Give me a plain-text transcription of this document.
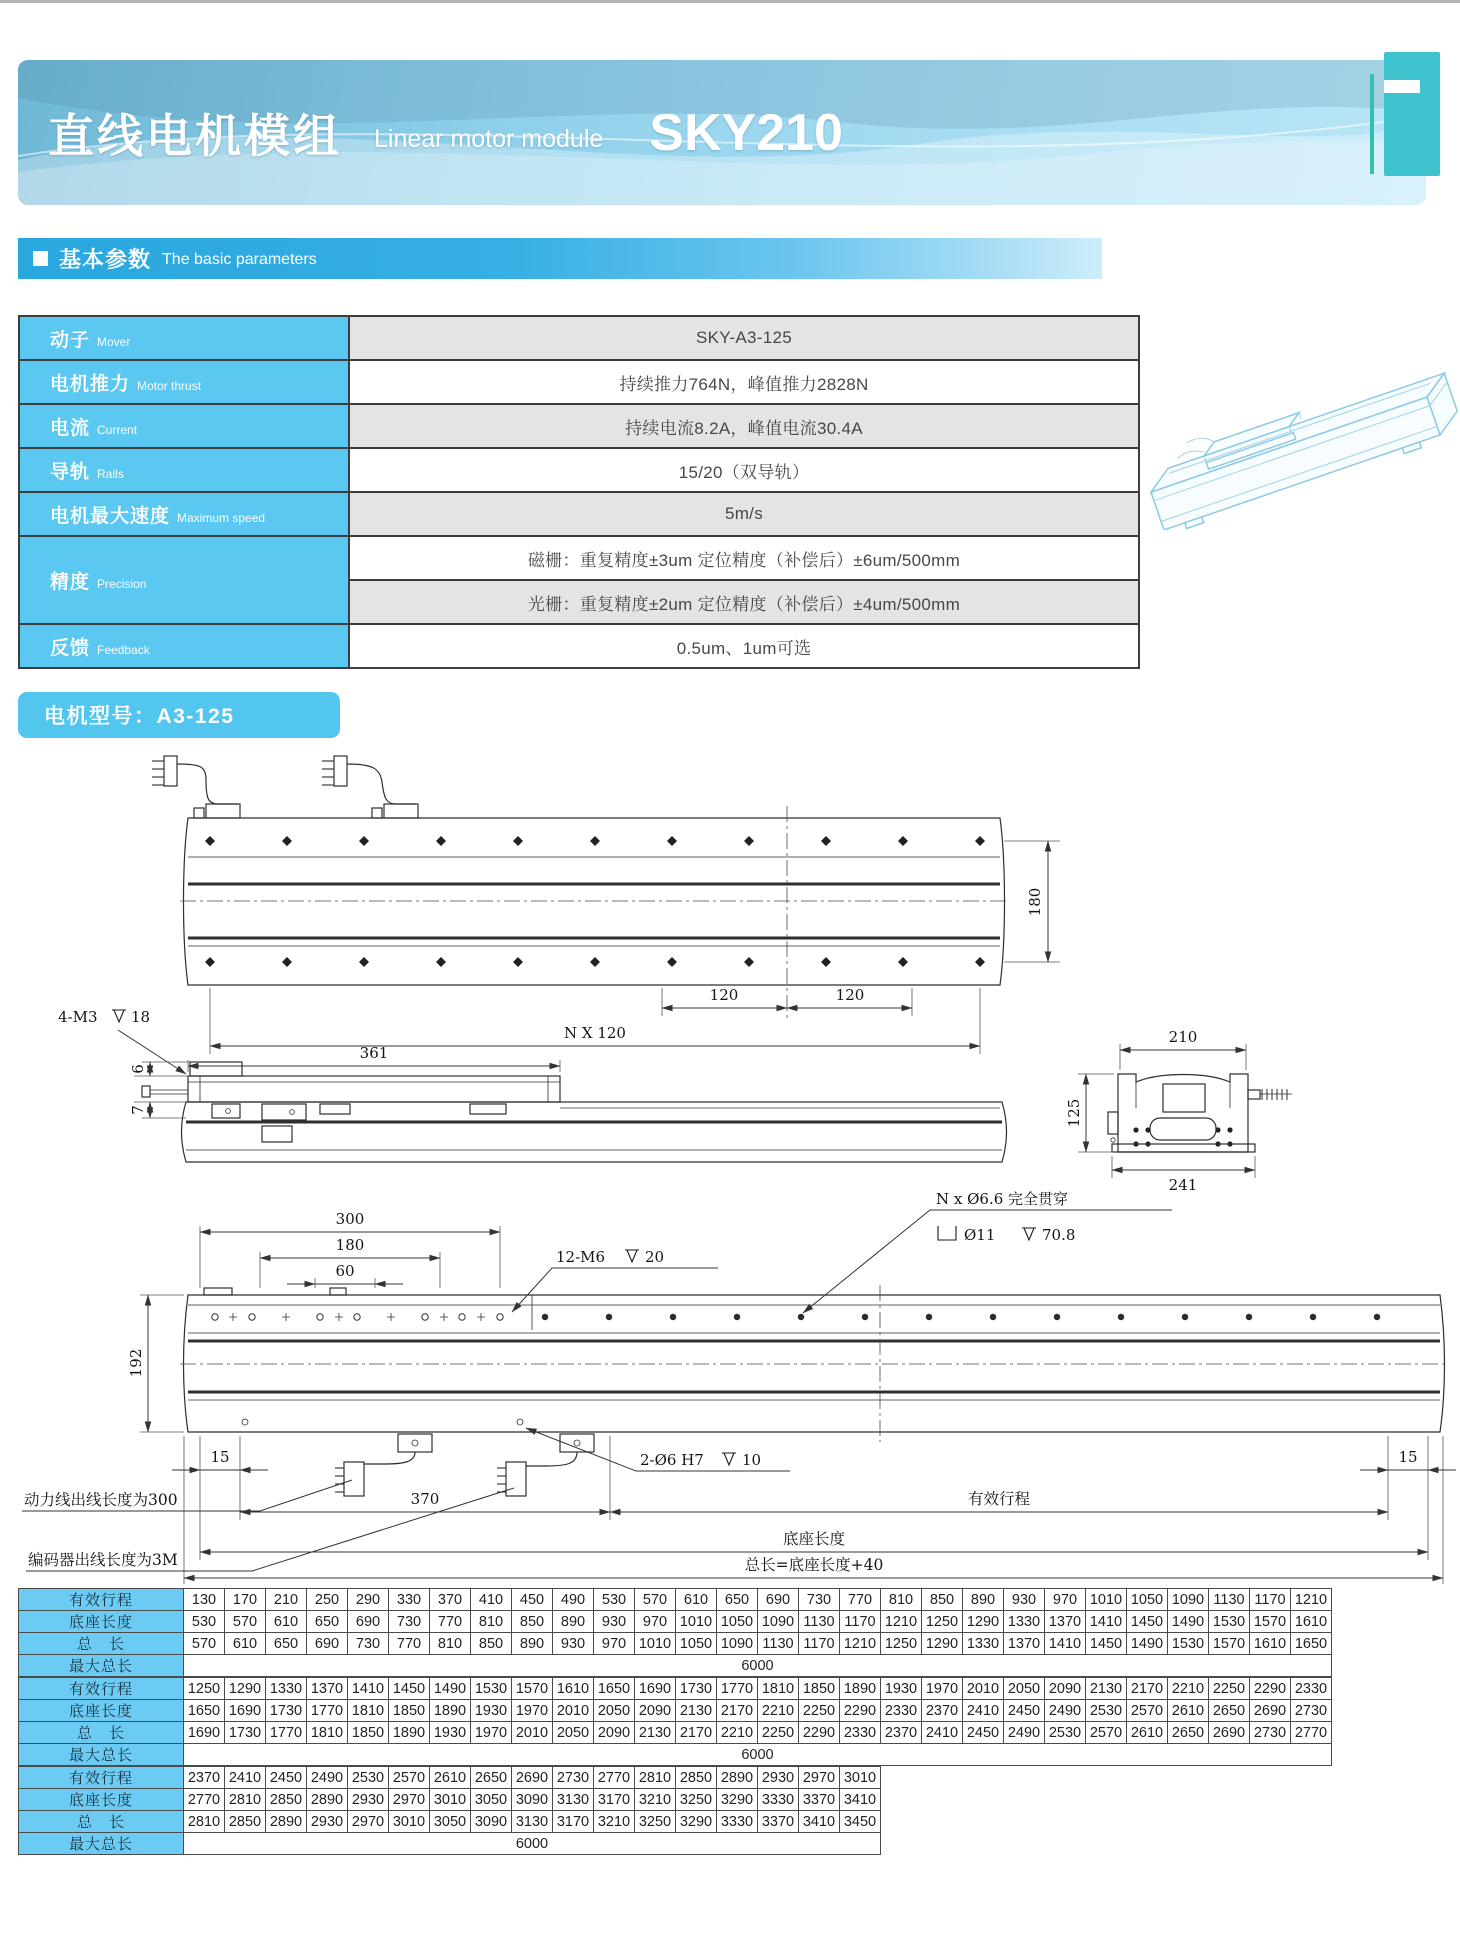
直线电机模组 Linear motor module SKY210
基本参数 The basic parameters
动子 Mover	SKY-A3-125
电机推力 Motor thrust	持续推力764N，峰值推力2828N
电流 Current	持续电流8.2A，峰值电流30.4A
导轨 Rails	15/20（双导轨）
电机最大速度 Maximum speed	5m/s
精度 Precision	磁栅：重复精度±3um 定位精度（补偿后）±6um/500mm
	光栅：重复精度±2um 定位精度（补偿后）±4um/500mm
反馈 Feedback	0.5um、1um可选
电机型号：A3-125
180
120	120
N X 120
361
4-M3 18
6
7
210
125
241
192
300
180
60
12-M6	20
N x Ø6.6 完全贯穿
Ø11	70.8
2-Ø6 H7	10
15	15
370	有效行程
底座长度
总长=底座长度+40
动力线出线长度为300
编码器出线长度为3M
有效行程	130	170	210	250	290	330	370	410	450	490	530	570	610	650	690	730	770	810	850	890	930	970	1010	1050	1090	1130	1170	1210
底座长度	530	570	610	650	690	730	770	810	850	890	930	970	1010	1050	1090	1130	1170	1210	1250	1290	1330	1370	1410	1450	1490	1530	1570	1610
总　长	570	610	650	690	730	770	810	850	890	930	970	1010	1050	1090	1130	1170	1210	1250	1290	1330	1370	1410	1450	1490	1530	1570	1610	1650
最大总长	6000																											
有效行程	1250	1290	1330	1370	1410	1450	1490	1530	1570	1610	1650	1690	1730	1770	1810	1850	1890	1930	1970	2010	2050	2090	2130	2170	2210	2250	2290	2330
底座长度	1650	1690	1730	1770	1810	1850	1890	1930	1970	2010	2050	2090	2130	2170	2210	2250	2290	2330	2370	2410	2450	2490	2530	2570	2610	2650	2690	2730
总　长	1690	1730	1770	1810	1850	1890	1930	1970	2010	2050	2090	2130	2170	2210	2250	2290	2330	2370	2410	2450	2490	2530	2570	2610	2650	2690	2730	2770
最大总长	6000																											
有效行程	2370	2410	2450	2490	2530	2570	2610	2650	2690	2730	2770	2810	2850	2890	2930	2970	3010
底座长度	2770	2810	2850	2890	2930	2970	3010	3050	3090	3130	3170	3210	3250	3290	3330	3370	3410
总　长	2810	2850	2890	2930	2970	3010	3050	3090	3130	3170	3210	3250	3290	3330	3370	3410	3450
最大总长	6000																
